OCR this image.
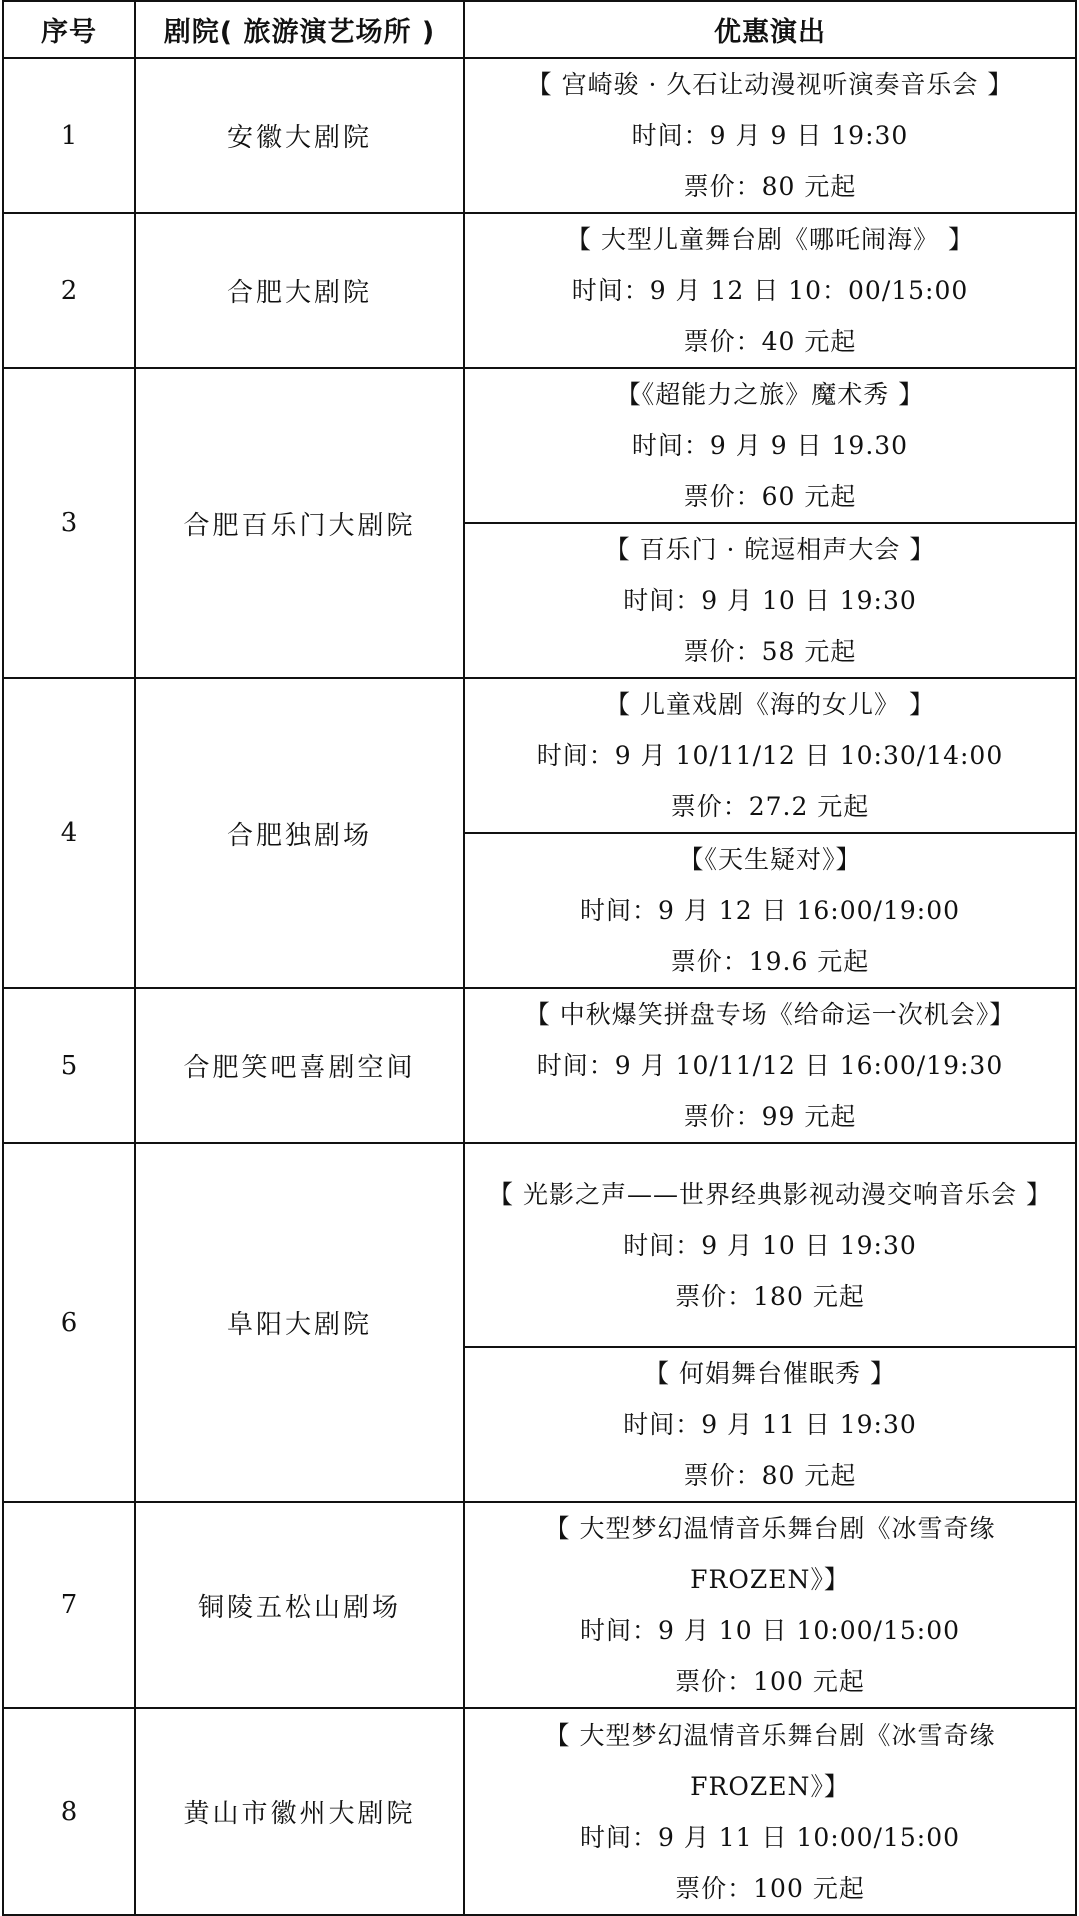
序号	剧院( 旅游演艺场所 )	优惠演出
1	安徽大剧院	【 宫崎骏 · 久石让动漫视听演奏音乐会 】
时间：9 月 9 日 19:30
票价：80 元起

2	合肥大剧院	【 大型儿童舞台剧《哪吒闹海》 】
时间：9 月 12 日 10：00/15:00
票价：40 元起

3	合肥百乐门大剧院	【《超能力之旅》魔术秀 】
时间：9 月 9 日 19.30
票价：60 元起

		【 百乐门 · 皖逗相声大会 】
时间：9 月 10 日 19:30
票价：58 元起

4	合肥独剧场	【 儿童戏剧《海的女儿》 】
时间：9 月 10/11/12 日 10:30/14:00
票价：27.2 元起

		【《天生疑对》】
时间：9 月 12 日 16:00/19:00
票价：19.6 元起

5	合肥笑吧喜剧空间	【 中秋爆笑拼盘专场《给命运一次机会》】
时间：9 月 10/11/12 日 16:00/19:30
票价：99 元起

6	阜阳大剧院	【 光影之声——世界经典影视动漫交响音乐会 】
时间：9 月 10 日 19:30
票价：180 元起

		【 何娟舞台催眠秀 】
时间：9 月 11 日 19:30
票价：80 元起

7	铜陵五松山剧场	【 大型梦幻温情音乐舞台剧《冰雪奇缘 FROZEN》】
时间：9 月 10 日 10:00/15:00
票价：100 元起

8	黄山市徽州大剧院	【 大型梦幻温情音乐舞台剧《冰雪奇缘 FROZEN》】
时间：9 月 11 日 10:00/15:00
票价：100 元起
